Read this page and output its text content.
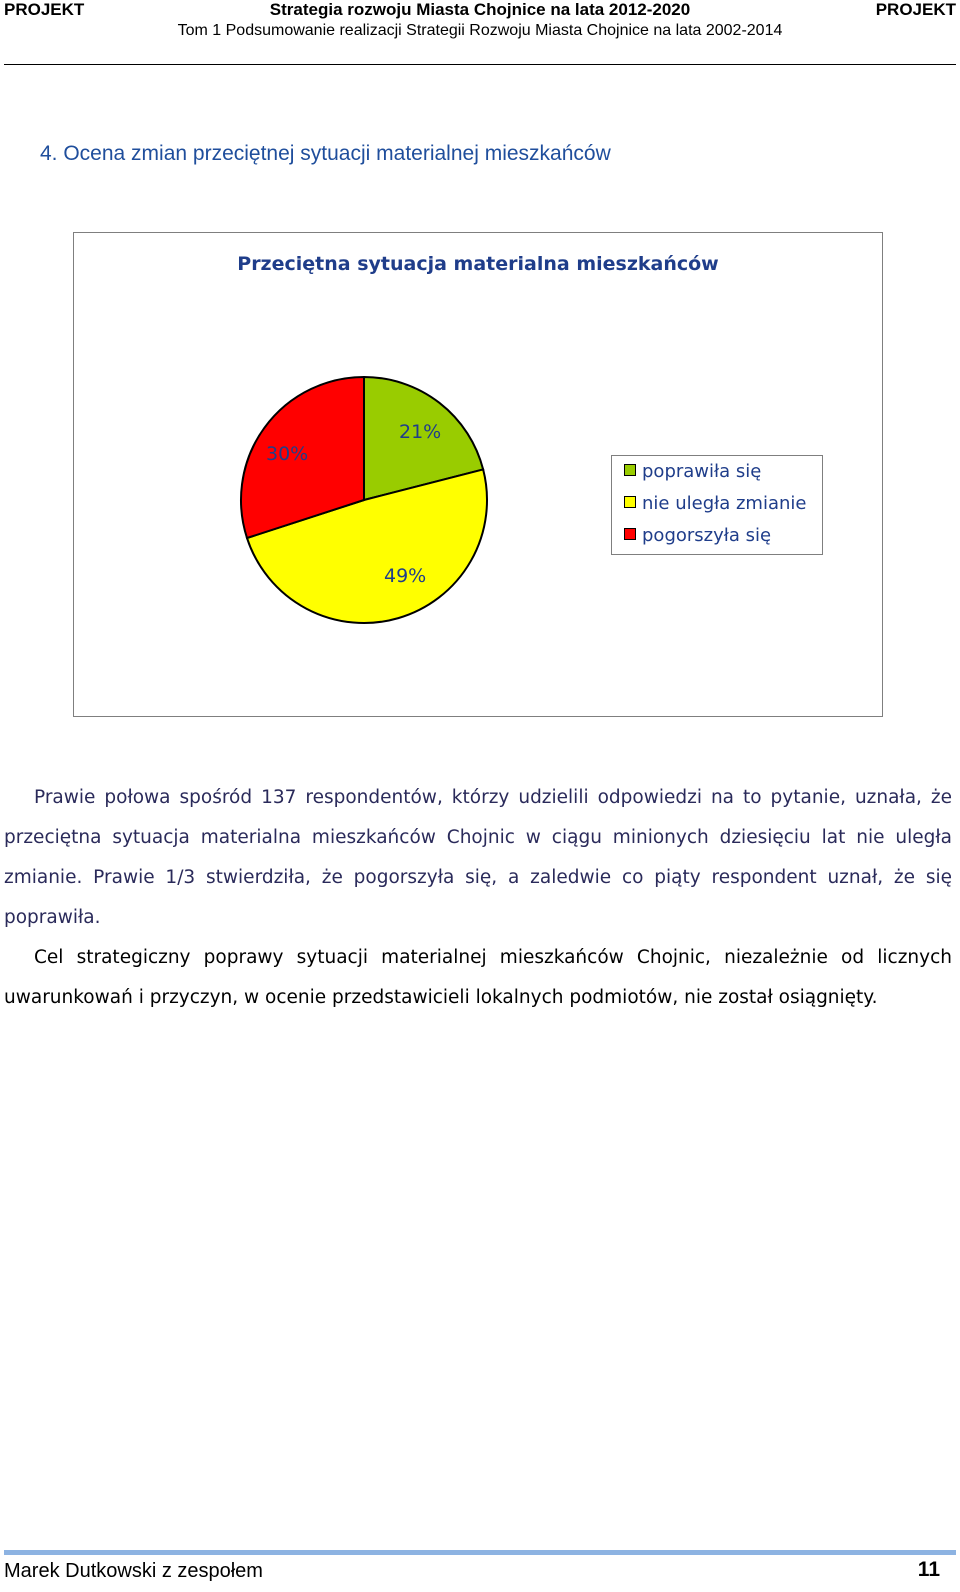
PROJEKT	Strategia rozwoju Miasta Chojnice na lata 2012-2020	PROJEKT
Tom 1 Podsumowanie realizacji Strategii Rozwoju Miasta Chojnice na lata 2002-2014
4. Ocena zmian przeciętnej sytuacji materialnej mieszkańców
Przeciętna sytuacja materialna mieszkańców
21%
49%
30%
poprawiła się
nie uległa zmianie
pogorszyła się
Prawie połowa spośród 137 respondentów, którzy udzielili odpowiedzi na to pytanie, uznała, że przeciętna sytuacja materialna mieszkańców Chojnic w ciągu minionych dziesięciu lat nie uległa zmianie. Prawie 1/3 stwierdziła, że pogorszyła się, a zaledwie co piąty respondent uznał, że się poprawiła.
Cel strategiczny poprawy sytuacji materialnej mieszkańców Chojnic, niezależnie od licznych uwarunkowań i przyczyn, w ocenie przedstawicieli lokalnych podmiotów, nie został osiągnięty.
Marek Dutkowski z zespołem	11
